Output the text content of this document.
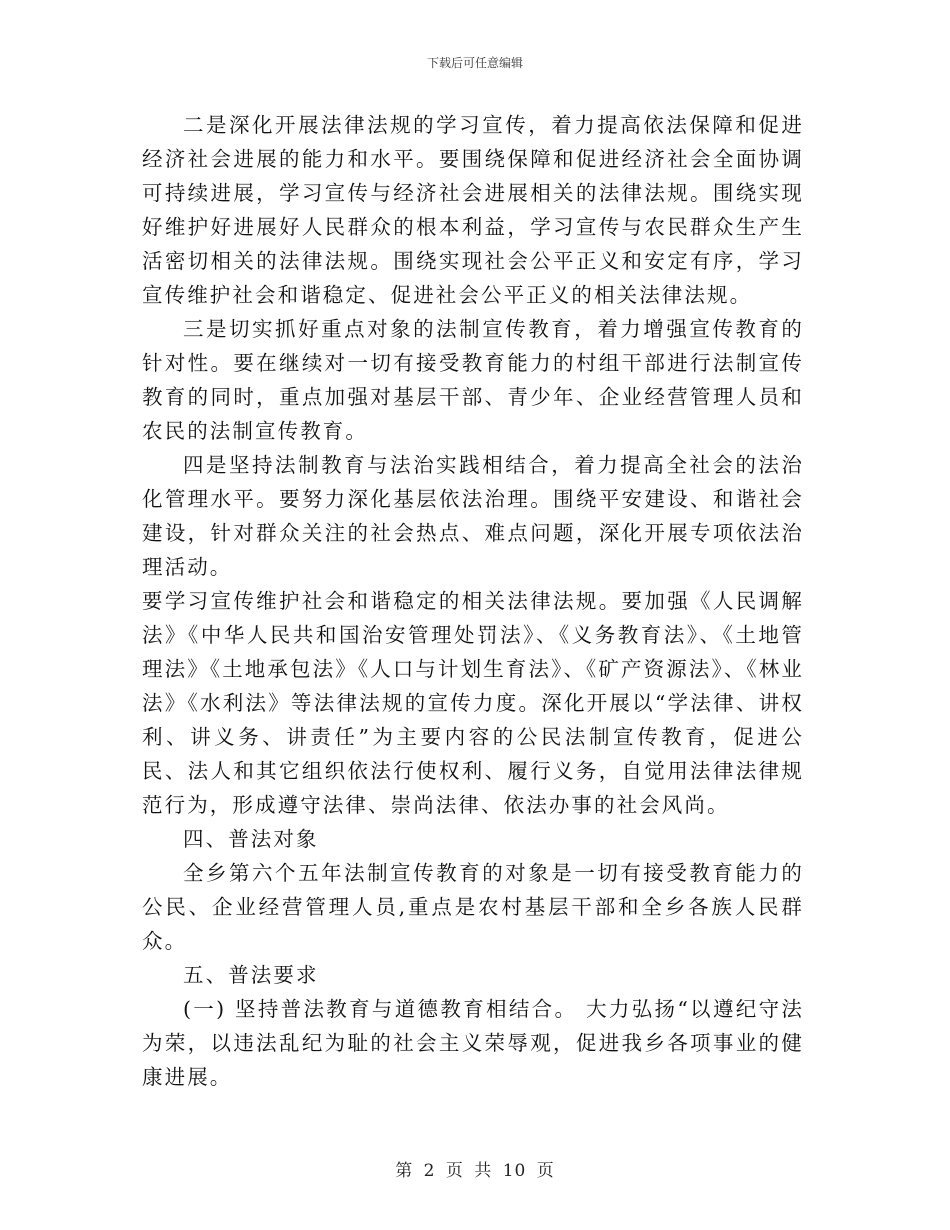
下载后可任意编辑

二是深化开展法律法规的学习宣传，着力提高依法保障和促进经济社会进展的能力和水平。要围绕保障和促进经济社会全面协调可持续进展，学习宣传与经济社会进展相关的法律法规。围绕实现好维护好进展好人民群众的根本利益，学习宣传与农民群众生产生活密切相关的法律法规。围绕实现社会公平正义和安定有序，学习宣传维护社会和谐稳定、促进社会公平正义的相关法律法规。

三是切实抓好重点对象的法制宣传教育，着力增强宣传教育的针对性。要在继续对一切有接受教育能力的村组干部进行法制宣传教育的同时，重点加强对基层干部、青少年、企业经营管理人员和农民的法制宣传教育。

四是坚持法制教育与法治实践相结合，着力提高全社会的法治化管理水平。要努力深化基层依法治理。围绕平安建设、和谐社会建设，针对群众关注的社会热点、难点问题，深化开展专项依法治理活动。

要学习宣传维护社会和谐稳定的相关法律法规。要加强《人民调解法》《中华人民共和国治安管理处罚法》、《义务教育法》、《土地管理法》《土地承包法》《人口与计划生育法》、《矿产资源法》、《林业法》《水利法》等法律法规的宣传力度。深化开展以“学法律、讲权利、讲义务、讲责任”为主要内容的公民法制宣传教育，促进公民、法人和其它组织依法行使权利、履行义务，自觉用法律法律规范行为，形成遵守法律、崇尚法律、依法办事的社会风尚。

四、普法对象

全乡第六个五年法制宣传教育的对象是一切有接受教育能力的公民、企业经营管理人员,重点是农村基层干部和全乡各族人民群众。

五、普法要求

(一) 坚持普法教育与道德教育相结合。 大力弘扬“以遵纪守法为荣，以违法乱纪为耻的社会主义荣辱观，促进我乡各项事业的健康进展。

第 2 页 共 10 页
